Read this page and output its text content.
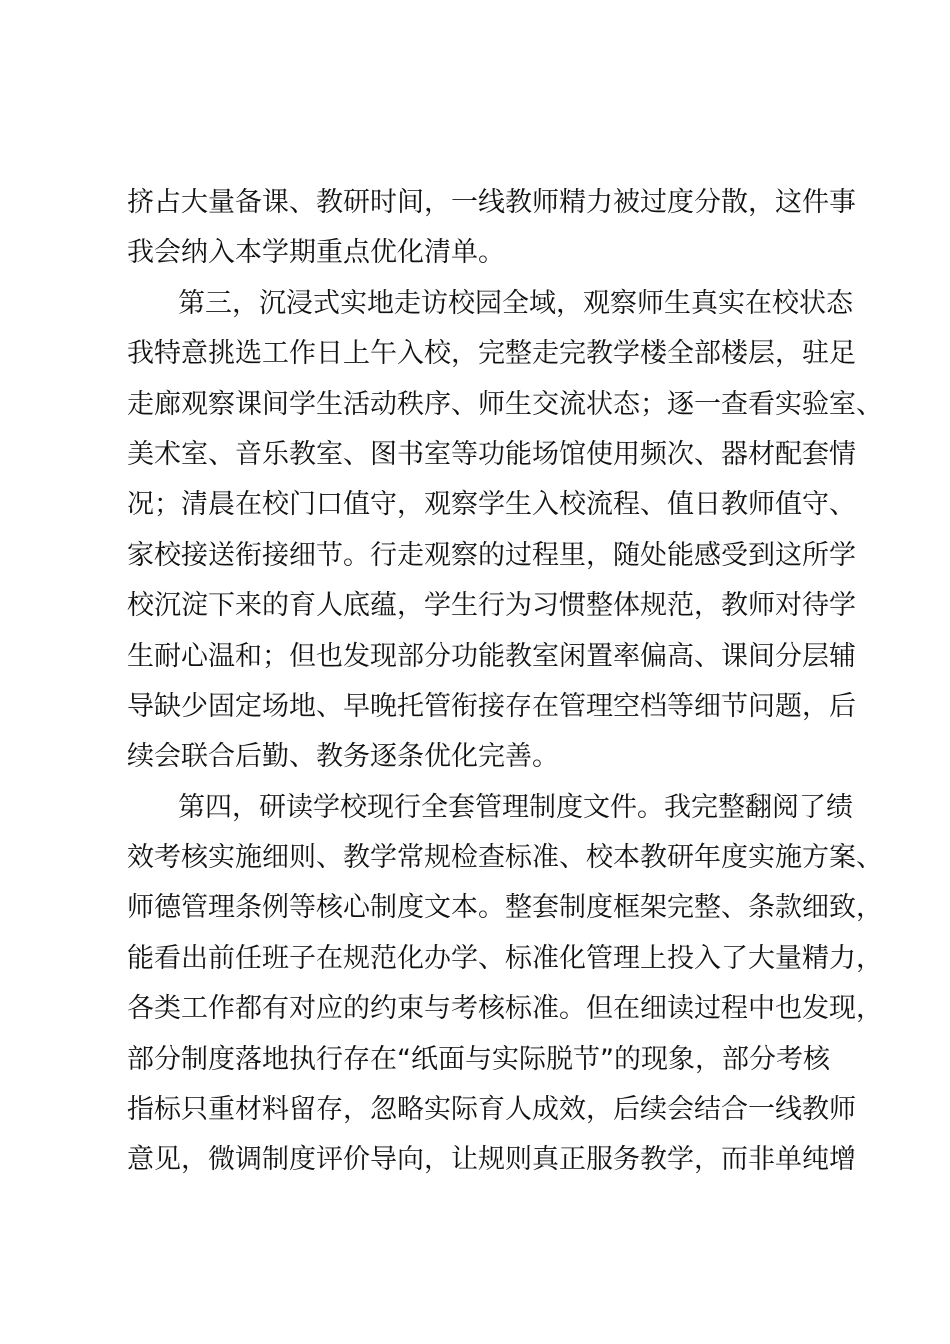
挤占大量备课、教研时间，一线教师精力被过度分散，这件事
我会纳入本学期重点优化清单。
第三，沉浸式实地走访校园全域，观察师生真实在校状态
我特意挑选工作日上午入校，完整走完教学楼全部楼层，驻足
走廊观察课间学生活动秩序、师生交流状态；逐一查看实验室、
美术室、音乐教室、图书室等功能场馆使用频次、器材配套情
况；清晨在校门口值守，观察学生入校流程、值日教师值守、
家校接送衔接细节。行走观察的过程里，随处能感受到这所学
校沉淀下来的育人底蕴，学生行为习惯整体规范，教师对待学
生耐心温和；但也发现部分功能教室闲置率偏高、课间分层辅
导缺少固定场地、早晚托管衔接存在管理空档等细节问题，后
续会联合后勤、教务逐条优化完善。
第四，研读学校现行全套管理制度文件。我完整翻阅了绩
效考核实施细则、教学常规检查标准、校本教研年度实施方案、
师德管理条例等核心制度文本。整套制度框架完整、条款细致，
能看出前任班子在规范化办学、标准化管理上投入了大量精力，
各类工作都有对应的约束与考核标准。但在细读过程中也发现，
部分制度落地执行存在“纸面与实际脱节”的现象，部分考核
指标只重材料留存，忽略实际育人成效，后续会结合一线教师
意见，微调制度评价导向，让规则真正服务教学，而非单纯增
